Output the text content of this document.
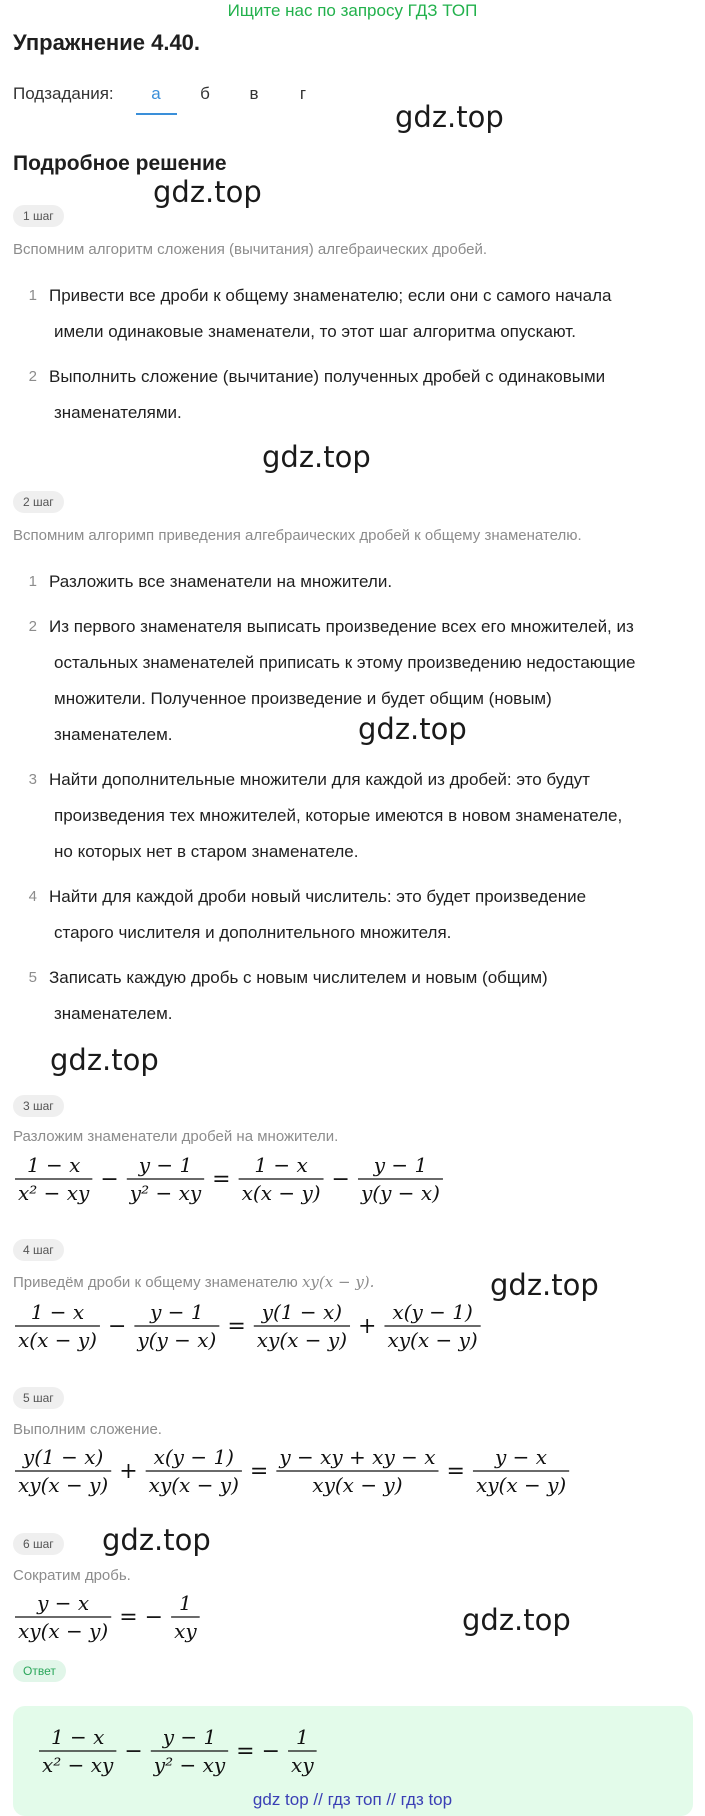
Ищите нас по запросу ГДЗ ТОП
Упражнение 4.40.
Подзадания:	а	б	в	г
Подробное решение
gdz.top
gdz.top
gdz.top
gdz.top
gdz.top
gdz.top
gdz.top
gdz.top
1 шаг
Вспомним алгоритм сложения (вычитания) алгебраических дробей.
1 Привести все дроби к общему знаменателю; если они с самого начала
имели одинаковые знаменатели, то этот шаг алгоритма опускают.
2 Выполнить сложение (вычитание) полученных дробей с одинаковыми
знаменателями.
2 шаг
Вспомним алгоримп приведения алгебраических дробей к общему знаменателю.
1 Разложить все знаменатели на множители.
2 Из первого знаменателя выписать произведение всех его множителей, из
остальных знаменателей приписать к этому произведению недостающие
множители. Полученное произведение и будет общим (новым)
знаменателем.
3 Найти дополнительные множители для каждой из дробей: это будут
произведения тех множителей, которые имеются в новом знаменателе,
но которых нет в старом знаменателе.
4 Найти для каждой дроби новый числитель: это будет произведение
старого числителя и дополнительного множителя.
5 Записать каждую дробь с новым числителем и новым (общим)
знаменателем.
3 шаг
Разложим знаменатели дробей на множители.
1 − x
x² − xy
−
y − 1
y² − xy
=
1 − x
x(x − y)
−
y − 1
y(y − x)
4 шаг
Приведём дроби к общему знаменателю xy(x − y).
1 − x
x(x − y)
−
y − 1
y(y − x)
=
y(1 − x)
xy(x − y)
+
x(y − 1)
xy(x − y)
5 шаг
Выполним сложение.
y(1 − x)
xy(x − y)
+
x(y − 1)
xy(x − y)
=
y − xy + xy − x
xy(x − y)
=
y − x
xy(x − y)
6 шаг
Сократим дробь.
y − x
xy(x − y)
= −
1
xy
Ответ
1 − x
x² − xy
−
y − 1
y² − xy
= −
1
xy
gdz top // гдз топ // гдз top
